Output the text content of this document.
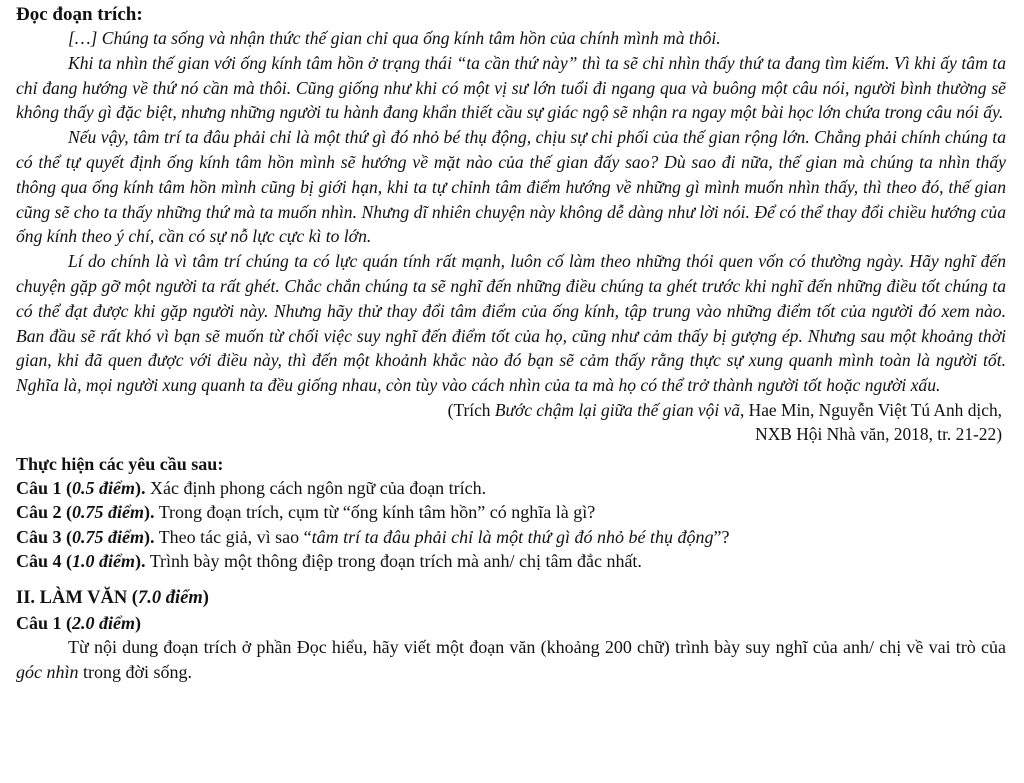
Đọc đoạn trích:

[…] Chúng ta sống và nhận thức thế gian chỉ qua ống kính tâm hồn của chính mình mà thôi.

Khi ta nhìn thế gian với ống kính tâm hồn ở trạng thái “ta cần thứ này” thì ta sẽ chỉ nhìn thấy thứ ta đang tìm kiếm. Vì khi ấy tâm ta chỉ đang hướng về thứ nó cần mà thôi. Cũng giống như khi có một vị sư lớn tuổi đi ngang qua và buông một câu nói, người bình thường sẽ không thấy gì đặc biệt, nhưng những người tu hành đang khẩn thiết cầu sự giác ngộ sẽ nhận ra ngay một bài học lớn chứa trong câu nói ấy.

Nếu vậy, tâm trí ta đâu phải chỉ là một thứ gì đó nhỏ bé thụ động, chịu sự chi phối của thế gian rộng lớn. Chẳng phải chính chúng ta có thể tự quyết định ống kính tâm hồn mình sẽ hướng về mặt nào của thế gian đấy sao? Dù sao đi nữa, thế gian mà chúng ta nhìn thấy thông qua ống kính tâm hồn mình cũng bị giới hạn, khi ta tự chỉnh tâm điểm hướng về những gì mình muốn nhìn thấy, thì theo đó, thế gian cũng sẽ cho ta thấy những thứ mà ta muốn nhìn. Nhưng dĩ nhiên chuyện này không dễ dàng như lời nói. Để có thể thay đổi chiều hướng của ống kính theo ý chí, cần có sự nỗ lực cực kì to lớn.

Lí do chính là vì tâm trí chúng ta có lực quán tính rất mạnh, luôn cố làm theo những thói quen vốn có thường ngày. Hãy nghĩ đến chuyện gặp gỡ một người ta rất ghét. Chắc chắn chúng ta sẽ nghĩ đến những điều chúng ta ghét trước khi nghĩ đến những điều tốt chúng ta có thể đạt được khi gặp người này. Nhưng hãy thử thay đổi tâm điểm của ống kính, tập trung vào những điểm tốt của người đó xem nào. Ban đầu sẽ rất khó vì bạn sẽ muốn từ chối việc suy nghĩ đến điểm tốt của họ, cũng như cảm thấy bị gượng ép. Nhưng sau một khoảng thời gian, khi đã quen được với điều này, thì đến một khoảnh khắc nào đó bạn sẽ cảm thấy rằng thực sự xung quanh mình toàn là người tốt. Nghĩa là, mọi người xung quanh ta đều giống nhau, còn tùy vào cách nhìn của ta mà họ có thể trở thành người tốt hoặc người xấu.

(Trích Bước chậm lại giữa thế gian vội vã, Hae Min, Nguyễn Việt Tú Anh dịch,
NXB Hội Nhà văn, 2018, tr. 21-22)

Thực hiện các yêu cầu sau:

Câu 1 (0.5 điểm). Xác định phong cách ngôn ngữ của đoạn trích.

Câu 2 (0.75 điểm). Trong đoạn trích, cụm từ “ống kính tâm hồn” có nghĩa là gì?

Câu 3 (0.75 điểm). Theo tác giả, vì sao “tâm trí ta đâu phải chỉ là một thứ gì đó nhỏ bé thụ động”?

Câu 4 (1.0 điểm). Trình bày một thông điệp trong đoạn trích mà anh/ chị tâm đắc nhất.

II. LÀM VĂN (7.0 điểm)

Câu 1 (2.0 điểm)

Từ nội dung đoạn trích ở phần Đọc hiểu, hãy viết một đoạn văn (khoảng 200 chữ) trình bày suy nghĩ của anh/ chị về vai trò của góc nhìn trong đời sống.
